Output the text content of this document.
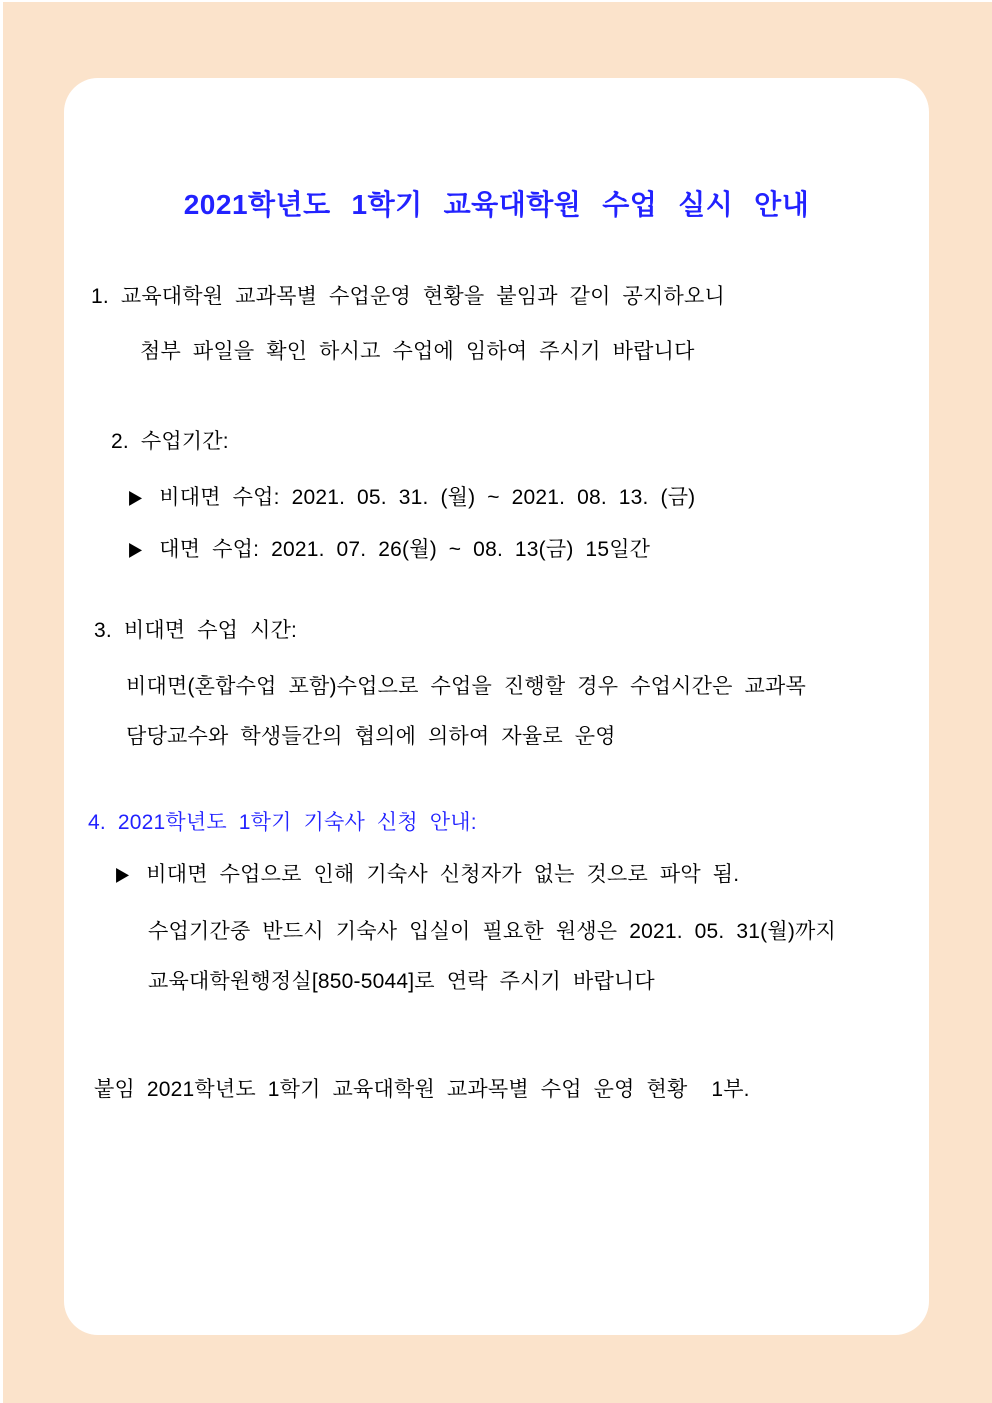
2021학년도 1학기 교육대학원 수업 실시 안내
1. 교육대학원 교과목별 수업운영 현황을 붙임과 같이 공지하오니
첨부 파일을 확인 하시고 수업에 임하여 주시기 바랍니다
2. 수업기간:
▶ 비대면 수업: 2021. 05. 31. (월) ~ 2021. 08. 13. (금)
▶ 대면 수업: 2021. 07. 26(월) ~ 08. 13(금) 15일간
3. 비대면 수업 시간:
비대면(혼합수업 포함)수업으로 수업을 진행할 경우 수업시간은 교과목
담당교수와 학생들간의 협의에 의하여 자율로 운영
4. 2021학년도 1학기 기숙사 신청 안내:
▶ 비대면 수업으로 인해 기숙사 신청자가 없는 것으로 파악 됨.
수업기간중 반드시 기숙사 입실이 필요한 원생은 2021. 05. 31(월)까지
교육대학원행정실[850-5044]로 연락 주시기 바랍니다
붙임 2021학년도 1학기 교육대학원 교과목별 수업 운영 현황  1부.
